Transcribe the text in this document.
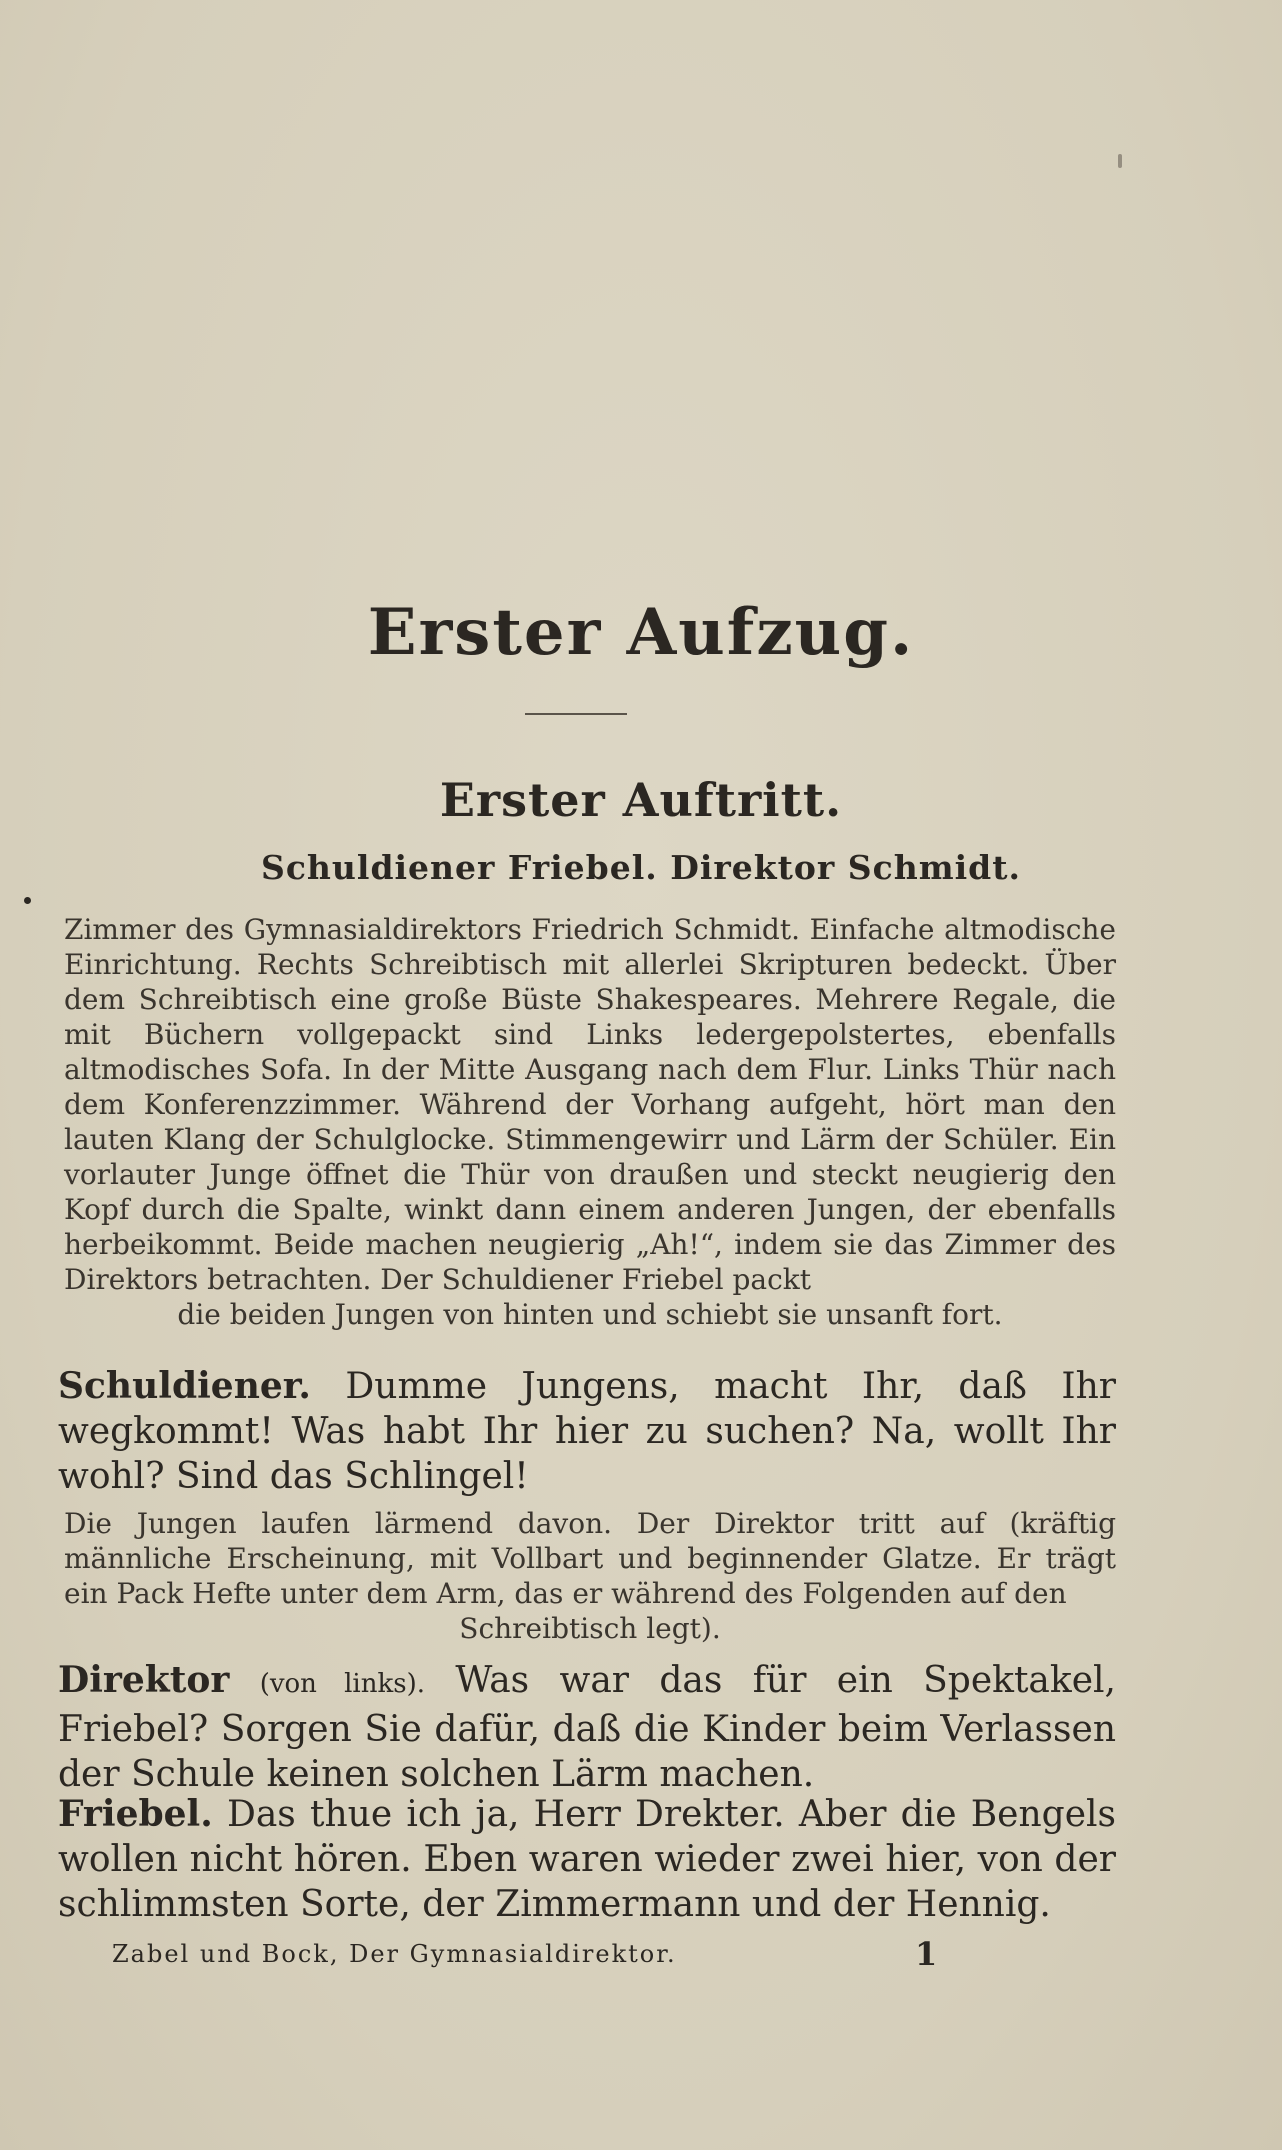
Erster Aufzug.
Erster Auftritt.
Schuldiener Friebel. Direktor Schmidt.
Zimmer des Gymnasialdirektors Friedrich Schmidt. Einfache altmodische Einrichtung. Rechts Schreibtisch mit allerlei Skripturen bedeckt. Über dem Schreibtisch eine große Büste Shakespeares. Mehrere Regale, die mit Büchern vollgepackt sind Links ledergepolstertes, ebenfalls altmodisches Sofa. In der Mitte Ausgang nach dem Flur. Links Thür nach dem Konferenzzimmer. Während der Vorhang aufgeht, hört man den lauten Klang der Schulglocke. Stimmengewirr und Lärm der Schüler. Ein vorlauter Junge öffnet die Thür von draußen und steckt neugierig den Kopf durch die Spalte, winkt dann einem anderen Jungen, der ebenfalls herbeikommt. Beide machen neugierig „Ah!“, indem sie das Zimmer des Direktors betrachten. Der Schuldiener Friebel packt
die beiden Jungen von hinten und schiebt sie unsanft fort.
Schuldiener. Dumme Jungens, macht Ihr, daß Ihr wegkommt! Was habt Ihr hier zu suchen? Na, wollt Ihr wohl? Sind das Schlingel!
Die Jungen laufen lärmend davon. Der Direktor tritt auf (kräftig männliche Erscheinung, mit Vollbart und beginnender Glatze. Er trägt ein Pack Hefte unter dem Arm, das er während des Folgenden auf den
Schreibtisch legt).
Direktor (von links). Was war das für ein Spektakel, Friebel? Sorgen Sie dafür, daß die Kinder beim Verlassen der Schule keinen solchen Lärm machen.
Friebel. Das thue ich ja, Herr Drekter. Aber die Bengels wollen nicht hören. Eben waren wieder zwei hier, von der schlimmsten Sorte, der Zimmermann und der Hennig.
Zabel und Bock, Der Gymnasialdirektor.	1
